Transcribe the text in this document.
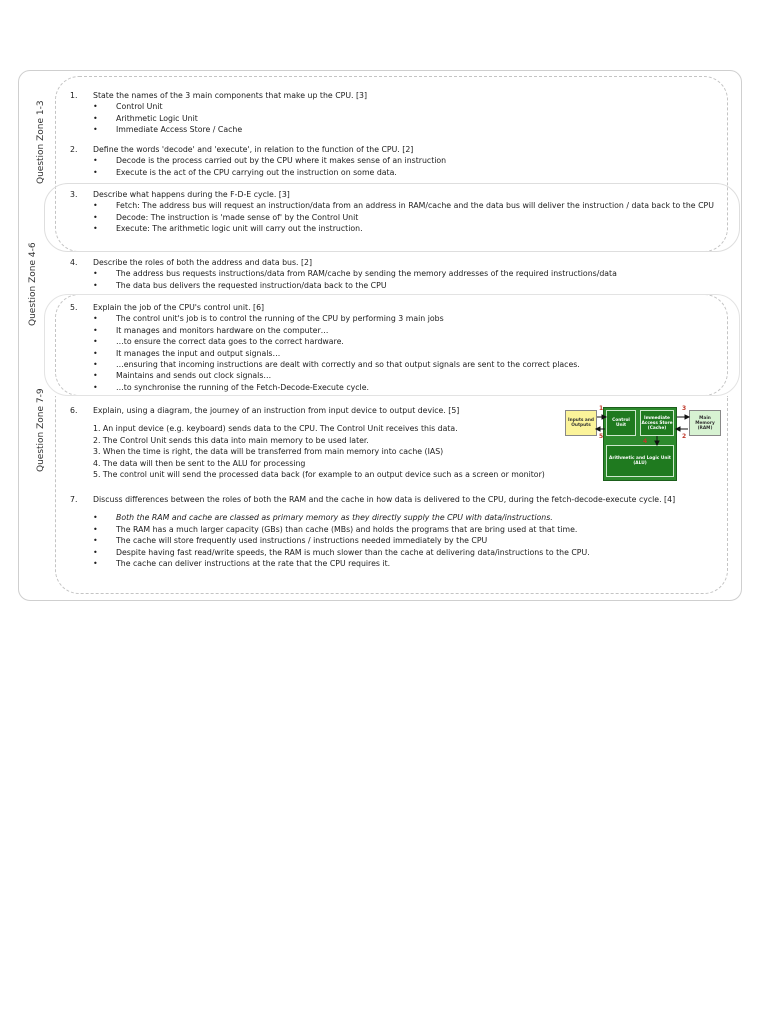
Question Zone 1-3
Question Zone 4-6
Question Zone 7-9
1. State the names of the 3 main components that make up the CPU. [3]
• Control Unit
• Arithmetic Logic Unit
• Immediate Access Store / Cache
2. Define the words 'decode' and 'execute', in relation to the function of the CPU. [2]
• Decode is the process carried out by the CPU where it makes sense of an instruction
• Execute is the act of the CPU carrying out the instruction on some data.
3. Describe what happens during the F-D-E cycle. [3]
• Fetch: The address bus will request an instruction/data from an address in RAM/cache and the data bus will deliver the instruction / data back to the CPU
• Decode: The instruction is 'made sense of' by the Control Unit
• Execute: The arithmetic logic unit will carry out the instruction.
4. Describe the roles of both the address and data bus. [2]
• The address bus requests instructions/data from RAM/cache by sending the memory addresses of the required instructions/data
• The data bus delivers the requested instruction/data back to the CPU
5. Explain the job of the CPU's control unit. [6]
• The control unit's job is to control the running of the CPU by performing 3 main jobs
• It manages and monitors hardware on the computer…
• …to ensure the correct data goes to the correct hardware.
• It manages the input and output signals…
• …ensuring that incoming instructions are dealt with correctly and so that output signals are sent to the correct places.
• Maintains and sends out clock signals…
• …to synchronise the running of the Fetch-Decode-Execute cycle.
6. Explain, using a diagram, the journey of an instruction from input device to output device. [5]
1. An input device (e.g. keyboard) sends data to the CPU. The Control Unit receives this data.
2. The Control Unit sends this data into main memory to be used later.
3. When the time is right, the data will be transferred from main memory into cache (IAS)
4. The data will then be sent to the ALU for processing
5. The control unit will send the processed data back (for example to an output device such as a screen or monitor)
Inputs and Outputs
Control Unit
Immediate Access Store (Cache)
Arithmetic and Logic Unit (ALU)
Main Memory (RAM)
1
2
3
4
5
7. Discuss differences between the roles of both the RAM and the cache in how data is delivered to the CPU, during the fetch-decode-execute cycle. [4]
• Both the RAM and cache are classed as primary memory as they directly supply the CPU with data/instructions.
• The RAM has a much larger capacity (GBs) than cache (MBs) and holds the programs that are bring used at that time.
• The cache will store frequently used instructions / instructions needed immediately by the CPU
• Despite having fast read/write speeds, the RAM is much slower than the cache at delivering data/instructions to the CPU.
• The cache can deliver instructions at the rate that the CPU requires it.
